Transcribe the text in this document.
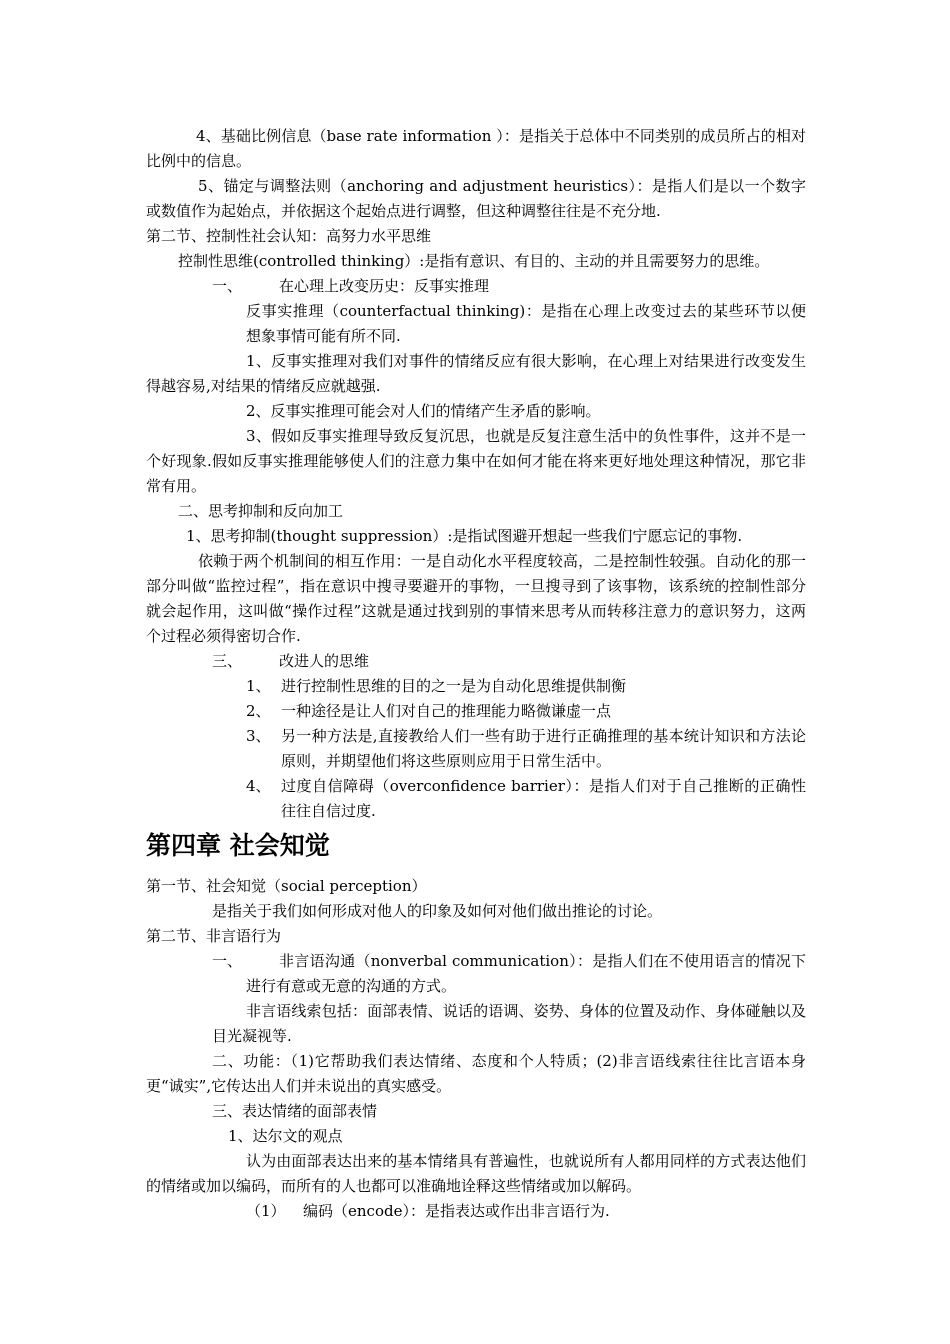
4、基础比例信息（base rate information ）：是指关于总体中不同类别的成员所占的相对比例中的信息。

5、锚定与调整法则（anchoring and adjustment heuristics）：是指人们是以一个数字或数值作为起始点，并依据这个起始点进行调整，但这种调整往往是不充分地.

第二节、控制性社会认知：高努力水平思维

控制性思维(controlled thinking）:是指有意识、有目的、主动的并且需要努力的思维。

一、 在心理上改变历史：反事实推理

反事实推理（counterfactual thinking)：是指在心理上改变过去的某些环节以便想象事情可能有所不同.

1、反事实推理对我们对事件的情绪反应有很大影响，在心理上对结果进行改变发生得越容易,对结果的情绪反应就越强.

2、反事实推理可能会对人们的情绪产生矛盾的影响。

3、假如反事实推理导致反复沉思，也就是反复注意生活中的负性事件，这并不是一个好现象.假如反事实推理能够使人们的注意力集中在如何才能在将来更好地处理这种情况，那它非常有用。

二、思考抑制和反向加工

1、思考抑制(thought suppression）:是指试图避开想起一些我们宁愿忘记的事物.

依赖于两个机制间的相互作用：一是自动化水平程度较高，二是控制性较强。自动化的那一部分叫做“监控过程”，指在意识中搜寻要避开的事物，一旦搜寻到了该事物，该系统的控制性部分就会起作用，这叫做“操作过程”这就是通过找到别的事情来思考从而转移注意力的意识努力，这两个过程必须得密切合作.

三、 改进人的思维
1、 进行控制性思维的目的之一是为自动化思维提供制衡
2、 一种途径是让人们对自己的推理能力略微谦虚一点
3、 另一种方法是,直接教给人们一些有助于进行正确推理的基本统计知识和方法论原则，并期望他们将这些原则应用于日常生活中。
4、 过度自信障碍（overconfidence barrier）：是指人们对于自己推断的正确性往往自信过度.
第四章 社会知觉

第一节、社会知觉（social perception）

是指关于我们如何形成对他人的印象及如何对他们做出推论的讨论。

第二节、非言语行为

一、	非言语沟通（nonverbal communication）：是指人们在不使用语言的情况下进行有意或无意的沟通的方式。

非言语线索包括：面部表情、说话的语调、姿势、身体的位置及动作、身体碰触以及目光凝视等.

二、功能：（1)它帮助我们表达情绪、态度和个人特质；(2)非言语线索往往比言语本身更“诚实”,它传达出人们并未说出的真实感受。

三、表达情绪的面部表情

1、达尔文的观点

认为由面部表达出来的基本情绪具有普遍性，也就说所有人都用同样的方式表达他们的情绪或加以编码，而所有的人也都可以准确地诠释这些情绪或加以解码。

（1） 编码（encode）：是指表达或作出非言语行为.
